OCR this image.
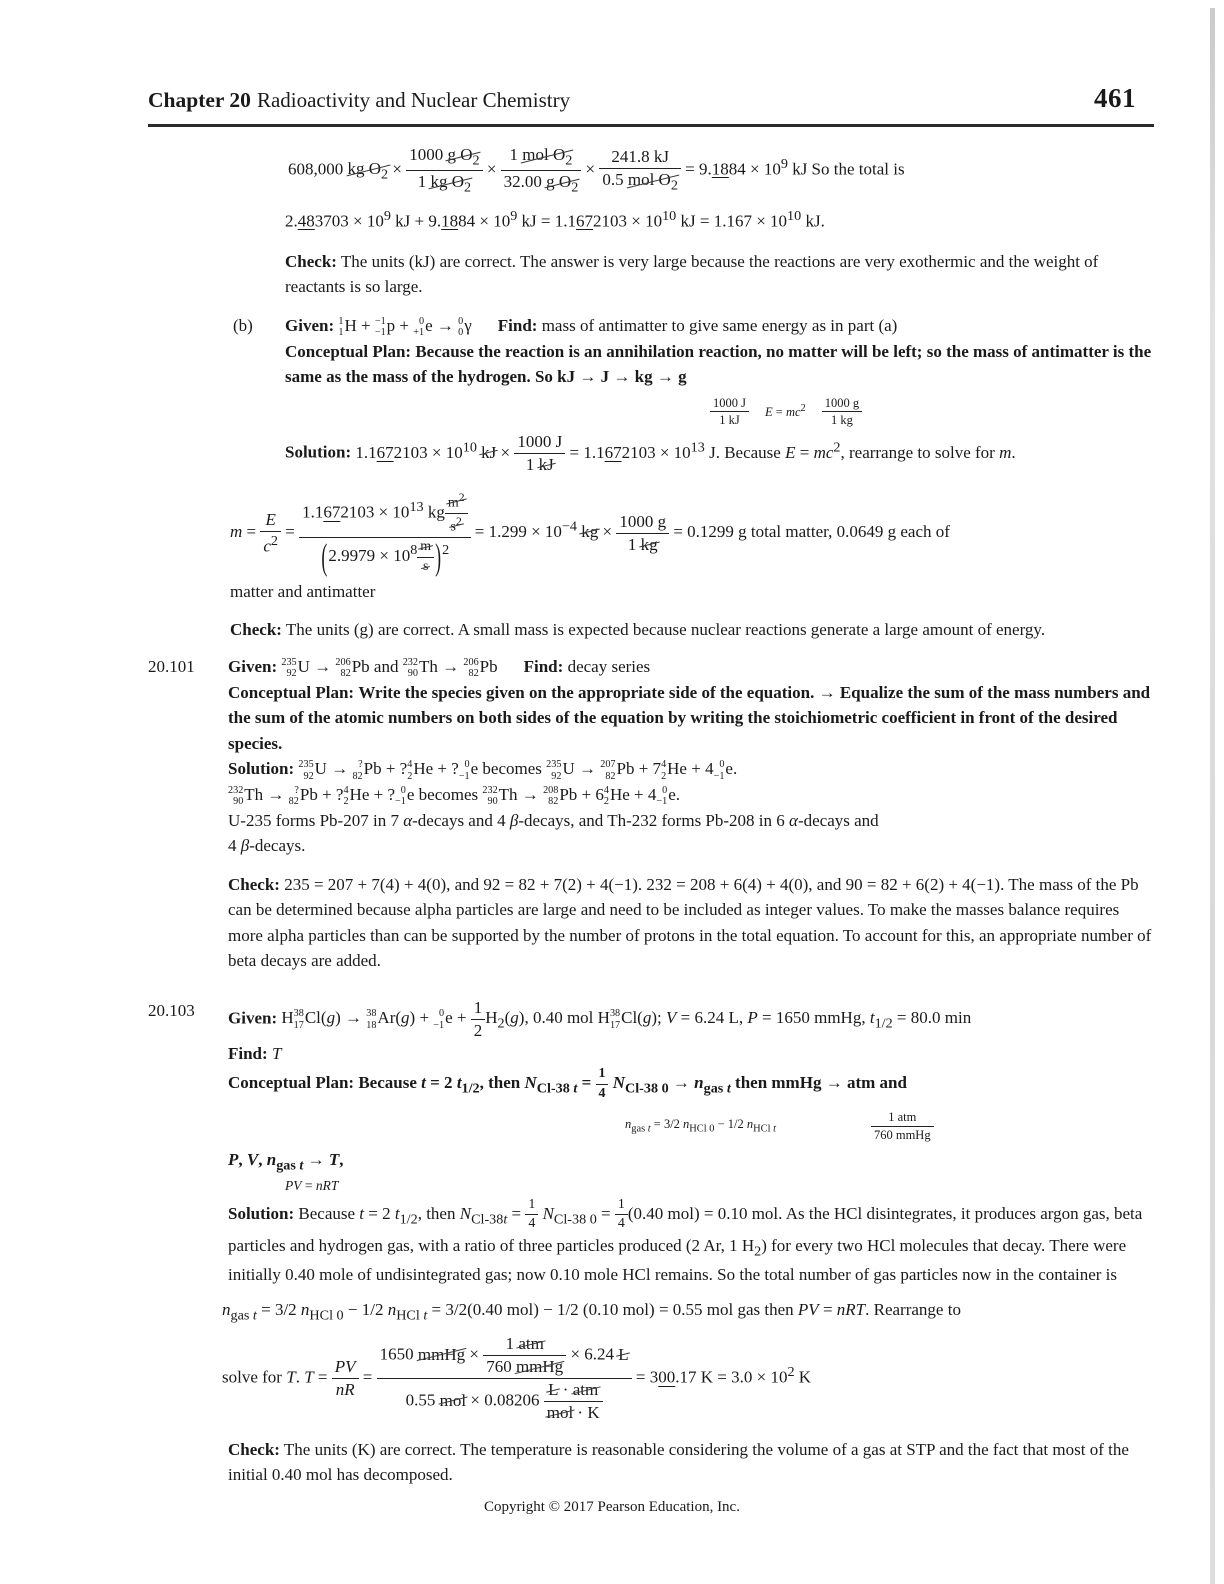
Chapter 20 Radioactivity and Nuclear Chemistry	461
608,000 kg $O_2 \times \frac{1000 g O_2}{1 kg O_2}$ ×
1 mol $O_2$
32.00 g $O_2$
×
241.8 kJ
0.5 mol $O_2$
= $9.1884 \times 10^9$ kJ So the total is
$2.483703 \times 10^9$ kJ + $9.1884 \times 10^9$ kJ = $1.1672103 \times 10^{10}$ kJ = $1.167 \times 10^{10}$ kJ.

Check: The units (kJ) are correct. The answer is very large because the reactions are very exothermic and the weight of reactants is so large.

(b)	Given: 1
1 H + −1
−1 p + 0
+1 e → 0
0 γ Find: mass of antimatter to give same energy as in part (a)

Conceptual Plan: Because the reaction is an annihilation reaction, no matter will be left; so the mass of antimatter is the same as the mass of the hydrogen. So kJ → J → kg → g

$\frac{1000 J}{1 kJ}$ $E = mc^2 \frac{1000 g}{1 kg}$

Solution: $1.1672103 \times 10^{10}$ kJ × $\frac{1000 J}{1 kJ} = 1.1672103 \times 10^{13}$ J. Because $E = mc^2$, rearrange to solve for m.

$m = \frac{E}{c^2}$ =
$1.1672103 \times 10^{13}$ kg $\frac{m^2}{s^2}$
$(2.9979 \times 10^8 \frac{m}{s} )^2$
= $1.299 \times 10^{-4}$ kg × $\frac{1000 g}{1 kg} = 0.1299$ g total matter, 0.0649 g each of
matter and antimatter

Check: The units (g) are correct. A small mass is expected because nuclear reactions generate a large amount of energy.

20.101	Given: 235
92 U → 206
82 Pb and 232
90 Th → 206
82 Pb Find: decay series

Conceptual Plan: Write the species given on the appropriate side of the equation. → Equalize the sum of the mass numbers and the sum of the atomic numbers on both sides of the equation by writing the stoichiometric coefficient in front of the desired species.

Solution: 235
92 U → ?
82 Pb + ? 4
2 He + ? 0
−1 e becomes 235
92 U → 207
82 Pb + 7 4
2 He + 4 0
−1 e.

232
90 Th → ?
82 Pb + ? 4
2 He + ? 0
−1 e becomes 232
90 Th → 208
82 Pb + 6 4
2 He + 4 0
−1 e.

U-235 forms Pb-207 in 7 α-decays and 4 β-decays, and Th-232 forms Pb-208 in 6 α-decays and

4 β-decays.

Check: 235 = 207 + 7(4) + 4(0), and 92 = 82 + 7(2) + 4(−1). 232 = 208 + 6(4) + 4(0), and 90 = 82 + 6(2) + 4(−1). The mass of the Pb can be determined because alpha particles are large and need to be included as integer values. To make the masses balance requires more alpha particles than can be supported by the number of protons in the total equation. To account for this, an appropriate number of beta decays are added.

20.103	Given: H 38
17 Cl(g) → 38
18 Ar(g) + 0
−1 $e + \frac{1}{2} H_2(g)$, 0.40 mol H 38
17 Cl(g); V = 6.24 L, P = 1650 mmHg, $t_{1/2} = 80.0$ min

Find: T

Conceptual Plan: Because t = 2 $t_{1/2}$, then $N_{Cl-38 t} = \frac{1}{4} N_{Cl-38 0} \to n_{gas t}$ then mmHg → atm and

$n_{gas t} = 3/2$ $n_{HCl 0} - 1/2$ $n_{HCl t}$
1 atm
760 mmHg

P, V, $n_{gas t} \to T$,

PV = nRT

Solution: Because t = 2 $t_{1/2}$, then $N_{Cl-38t} = \frac{1}{4} N_{Cl-38 0} = \frac{1}{4} (0.40$ mol) = 0.10 mol. As the HCl disintegrates, it produces argon gas, beta particles and hydrogen gas, with a ratio of three particles produced (2 Ar, 1 $H_2$) for every two HCl molecules that decay. There were initially 0.40 mole of undisintegrated gas; now 0.10 mole HCl remains. So the total number of gas particles now in the container is

$n_{gas t} = 3/2$ $n_{HCl 0} - 1/2$ $n_{HCl t} = 3/2(0.40$ mol) − 1/2 (0.10 mol) = 0.55 mol gas then PV = nRT. Rearrange to
solve for T. $T = \frac{PV}{nR}$ =
1650 mmHg ×
1 atm
760 mmHg
× 6.24 L
0.55 mol × 0.08206
L · atm
mol · K
= 300.17 $K = 3.0 \times 10^2$ K

Check: The units (K) are correct. The temperature is reasonable considering the volume of a gas at STP and the fact that most of the initial 0.40 mol has decomposed.

Copyright © 2017 Pearson Education, Inc.
